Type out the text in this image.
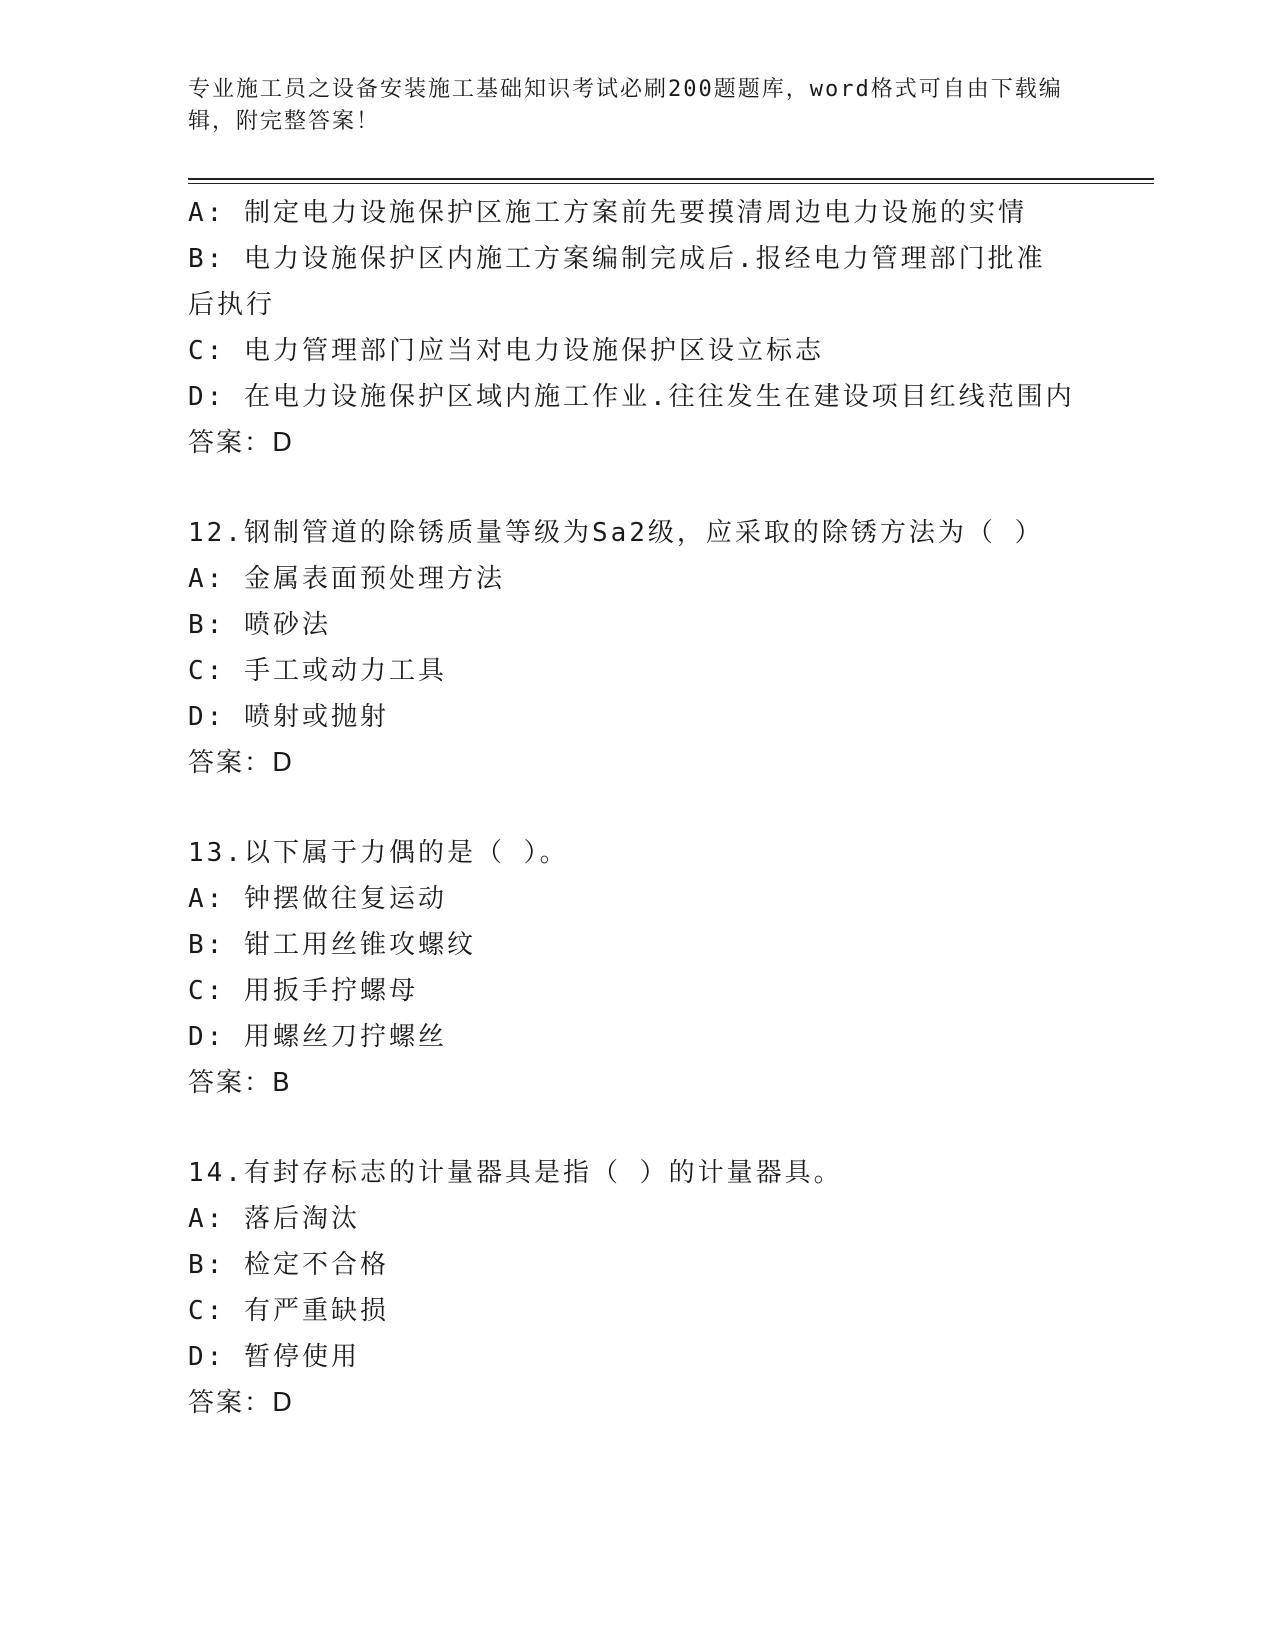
专业施工员之设备安装施工基础知识考试必刷200题题库，word格式可自由下载编辑，附完整答案！
A: 制定电力设施保护区施工方案前先要摸清周边电力设施的实情
B: 电力设施保护区内施工方案编制完成后.报经电力管理部门批准后执行
C: 电力管理部门应当对电力设施保护区设立标志
D: 在电力设施保护区域内施工作业.往往发生在建设项目红线范围内
答案：D
12.钢制管道的除锈质量等级为Sa2级，应采取的除锈方法为（ ）
A: 金属表面预处理方法
B: 喷砂法
C: 手工或动力工具
D: 喷射或抛射
答案：D
13.以下属于力偶的是（ ）。
A: 钟摆做往复运动
B: 钳工用丝锥攻螺纹
C: 用扳手拧螺母
D: 用螺丝刀拧螺丝
答案：B
14.有封存标志的计量器具是指（ ）的计量器具。
A: 落后淘汰
B: 检定不合格
C: 有严重缺损
D: 暂停使用
答案：D
